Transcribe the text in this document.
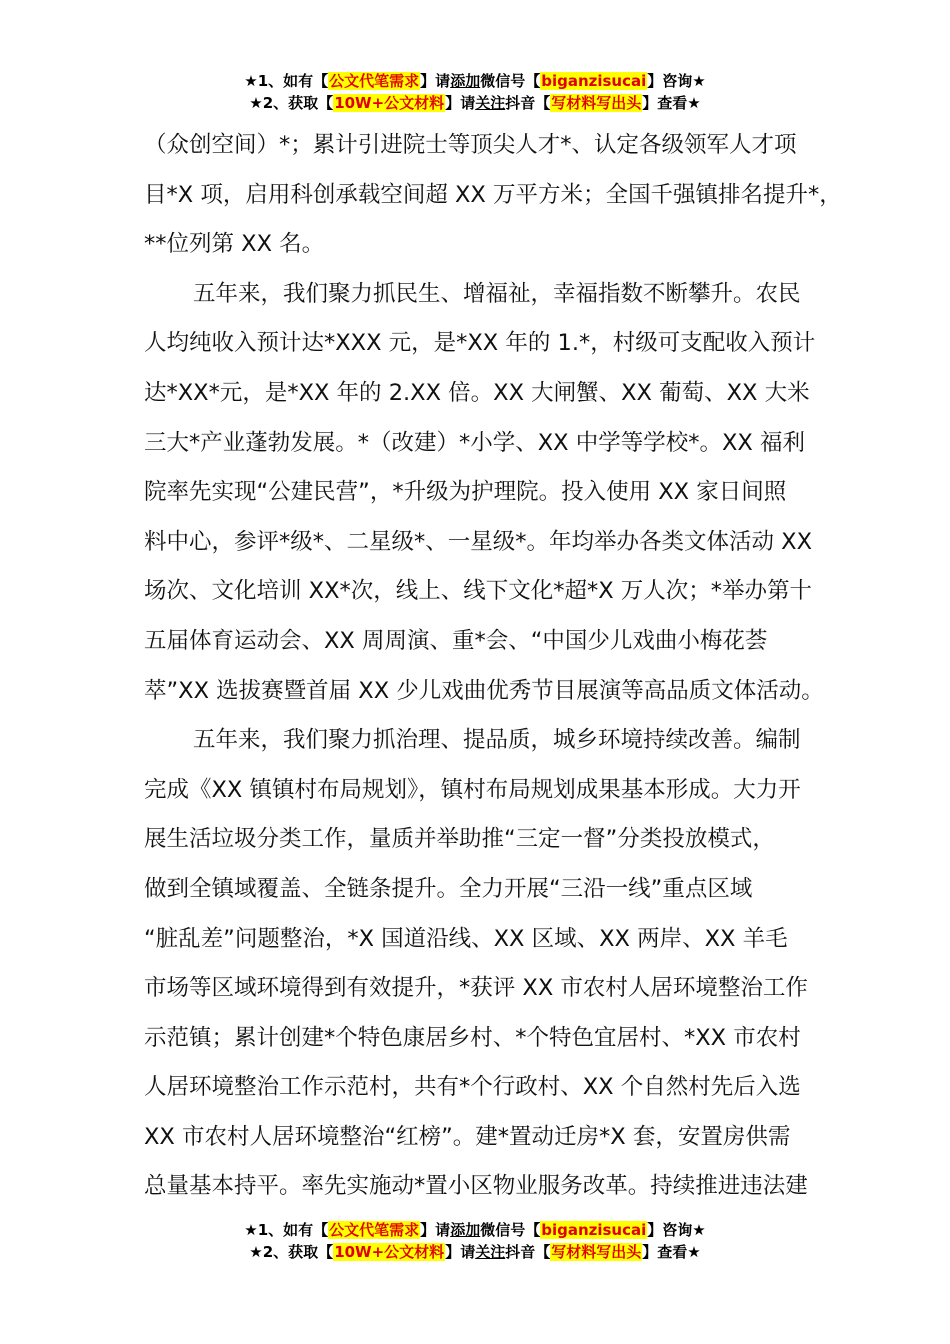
★1、如有【公文代笔需求】请添加微信号【biganzisucai】咨询★
★2、获取【10W+公文材料】请关注抖音【写材料写出头】查看★
（众创空间）*；累计引进院士等顶尖人才*、认定各级领军人才项
目*X 项，启用科创承载空间超 XX 万平方米；全国千强镇排名提升*，
**位列第 XX 名。
五年来，我们聚力抓民生、增福祉，幸福指数不断攀升。农民
人均纯收入预计达*XXX 元，是*XX 年的 1.*，村级可支配收入预计
达*XX*元，是*XX 年的 2.XX 倍。XX 大闸蟹、XX 葡萄、XX 大米
三大*产业蓬勃发展。*（改建）*小学、XX 中学等学校*。XX 福利
院率先实现“公建民营”，*升级为护理院。投入使用 XX 家日间照
料中心，参评*级*、二星级*、一星级*。年均举办各类文体活动 XX
场次、文化培训 XX*次，线上、线下文化*超*X 万人次；*举办第十
五届体育运动会、XX 周周演、重*会、“中国少儿戏曲小梅花荟
萃”XX 选拔赛暨首届 XX 少儿戏曲优秀节目展演等高品质文体活动。
五年来，我们聚力抓治理、提品质，城乡环境持续改善。编制
完成《XX 镇镇村布局规划》，镇村布局规划成果基本形成。大力开
展生活垃圾分类工作，量质并举助推“三定一督”分类投放模式，
做到全镇域覆盖、全链条提升。全力开展“三沿一线”重点区域
“脏乱差”问题整治，*X 国道沿线、XX 区域、XX 两岸、XX 羊毛
市场等区域环境得到有效提升，*获评 XX 市农村人居环境整治工作
示范镇；累计创建*个特色康居乡村、*个特色宜居村、*XX 市农村
人居环境整治工作示范村，共有*个行政村、XX 个自然村先后入选
XX 市农村人居环境整治“红榜”。建*置动迁房*X 套，安置房供需
总量基本持平。率先实施动*置小区物业服务改革。持续推进违法建
★1、如有【公文代笔需求】请添加微信号【biganzisucai】咨询★
★2、获取【10W+公文材料】请关注抖音【写材料写出头】查看★
